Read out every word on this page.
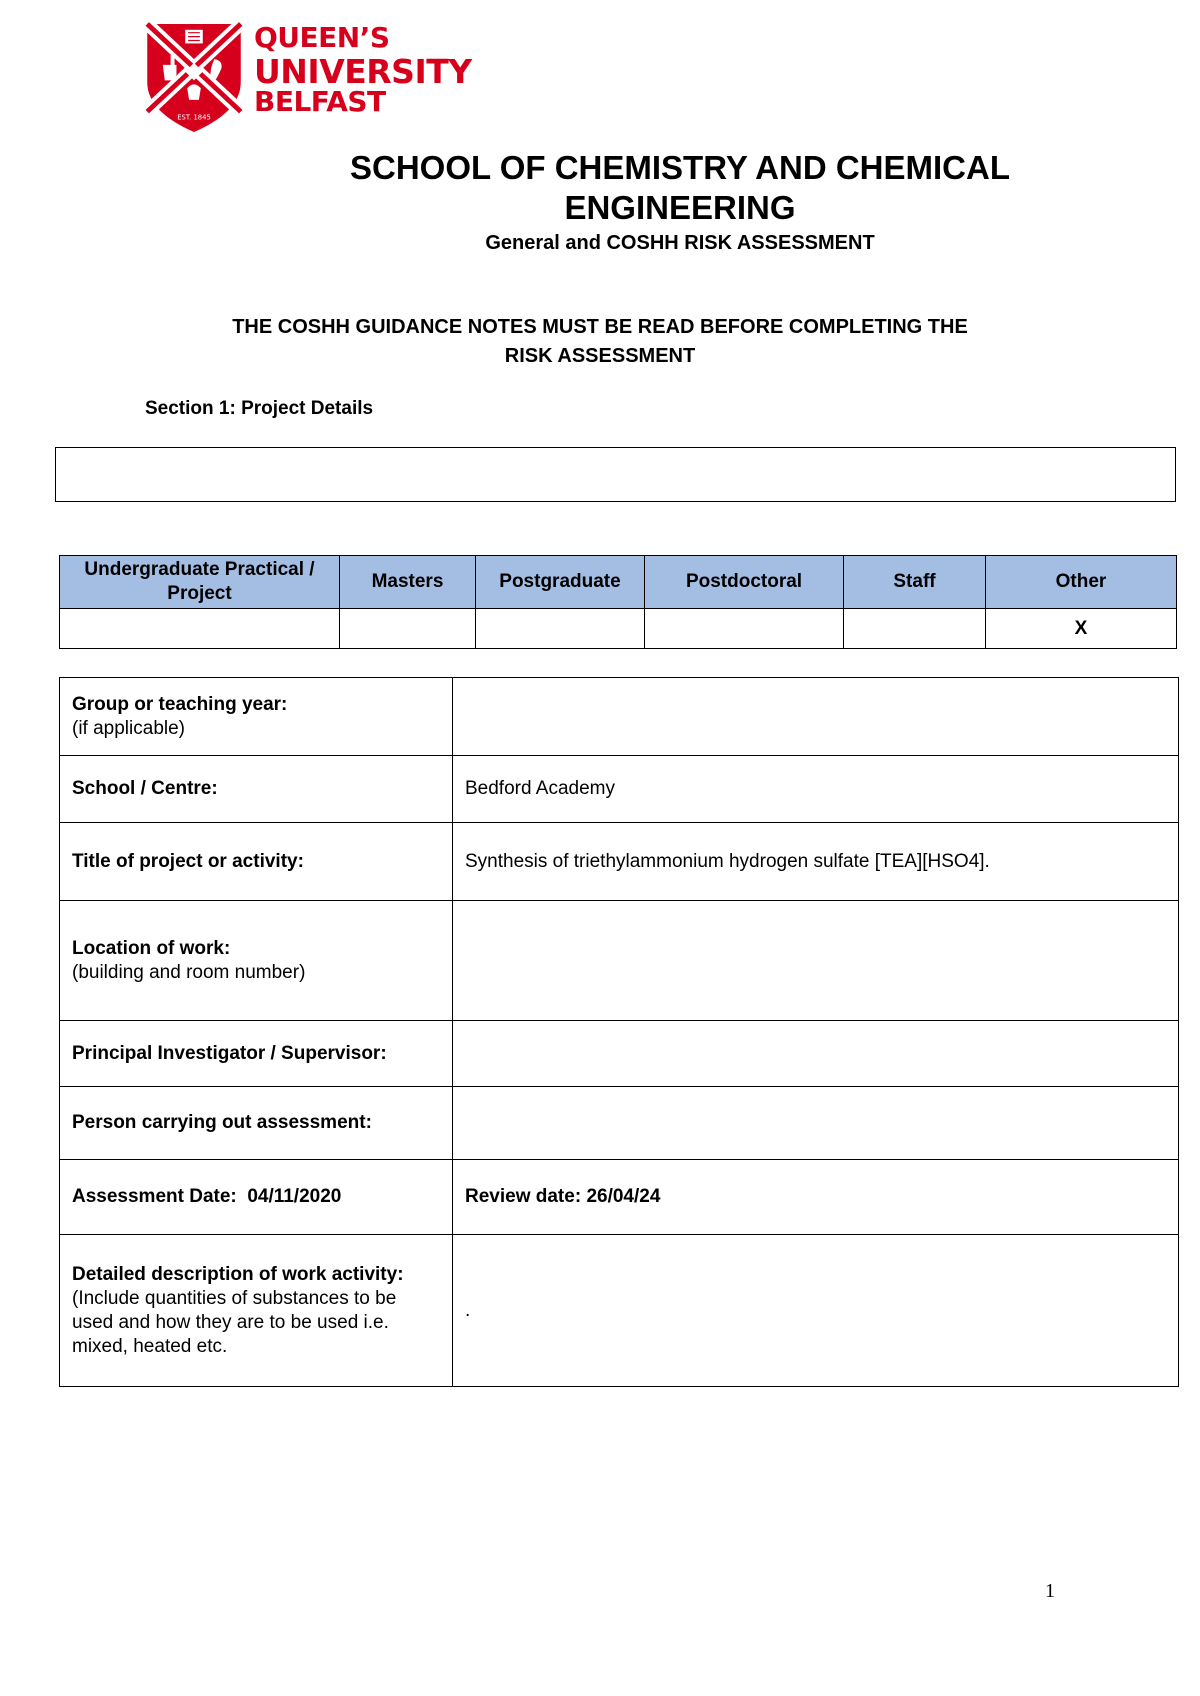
EST. 1845
QUEEN’S
UNIVERSITY
BELFAST
SCHOOL OF CHEMISTRY AND CHEMICAL
ENGINEERING
General and COSHH RISK ASSESSMENT
THE COSHH GUIDANCE NOTES MUST BE READ BEFORE COMPLETING THE
RISK ASSESSMENT
Section 1: Project Details
Undergraduate Practical / Project	Masters	Postgraduate	Postdoctoral	Staff	Other
					X
Group or teaching year:
(if applicable)	

School / Centre:	Bedford Academy
Title of project or activity:	Synthesis of triethylammonium hydrogen sulfate [TEA][HSO4].

Location of work:
(building and room number)	

Principal Investigator / Supervisor:	
Person carrying out assessment:	
Assessment Date: 04/11/2020	Review date: 26/04/24

Detailed description of work activity:
(Include quantities of substances to be used and how they are to be used i.e. mixed, heated etc.	.
1
